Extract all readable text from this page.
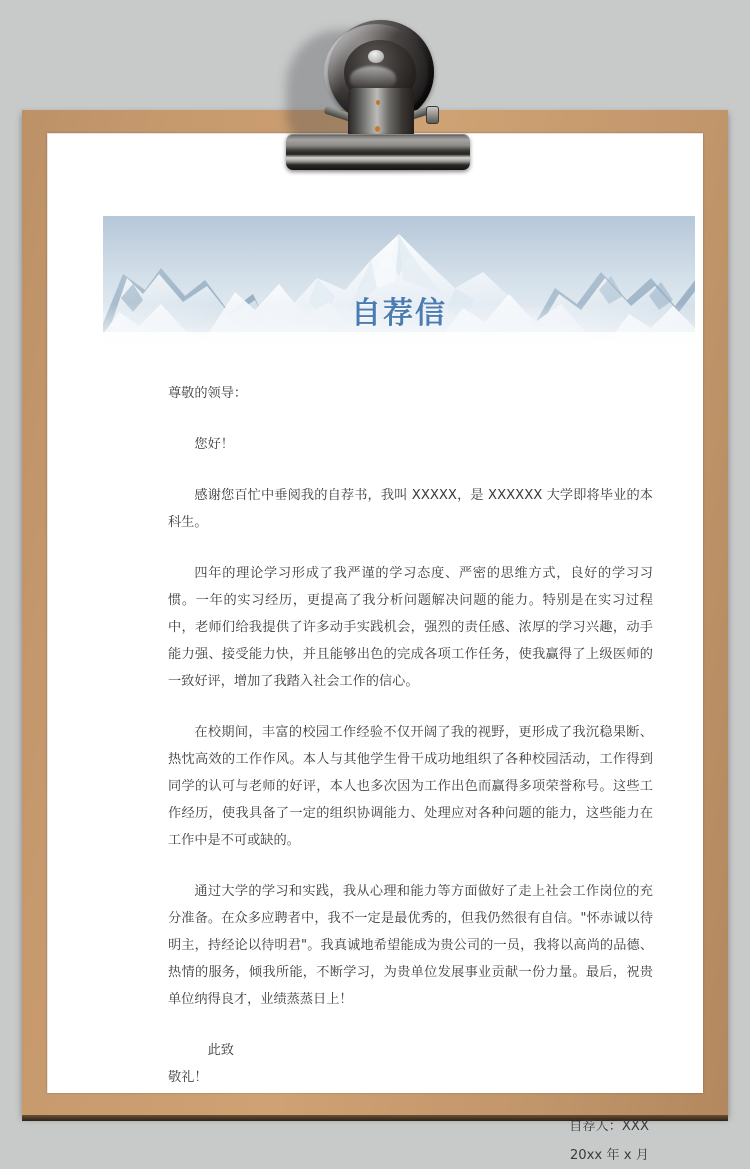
自荐信

尊敬的领导：

您好！

感谢您百忙中垂阅我的自荐书，我叫 XXXXX，是 XXXXXX 大学即将毕业的本科生。

四年的理论学习形成了我严谨的学习态度、严密的思维方式，良好的学习习惯。一年的实习经历，更提高了我分析问题解决问题的能力。特别是在实习过程中，老师们给我提供了许多动手实践机会，强烈的责任感、浓厚的学习兴趣，动手能力强、接受能力快，并且能够出色的完成各项工作任务，使我赢得了上级医师的一致好评，增加了我踏入社会工作的信心。

在校期间，丰富的校园工作经验不仅开阔了我的视野，更形成了我沉稳果断、热忱高效的工作作风。本人与其他学生骨干成功地组织了各种校园活动，工作得到同学的认可与老师的好评，本人也多次因为工作出色而赢得多项荣誉称号。这些工作经历，使我具备了一定的组织协调能力、处理应对各种问题的能力，这些能力在工作中是不可或缺的。

通过大学的学习和实践，我从心理和能力等方面做好了走上社会工作岗位的充分准备。在众多应聘者中，我不一定是最优秀的，但我仍然很有自信。"怀赤诚以待明主，持经论以待明君"。我真诚地希望能成为贵公司的一员，我将以高尚的品德、热情的服务，倾我所能，不断学习，为贵单位发展事业贡献一份力量。最后，祝贵单位纳得良才，业绩蒸蒸日上！

此致

敬礼！

自荐人：XXX

20xx 年 x 月
